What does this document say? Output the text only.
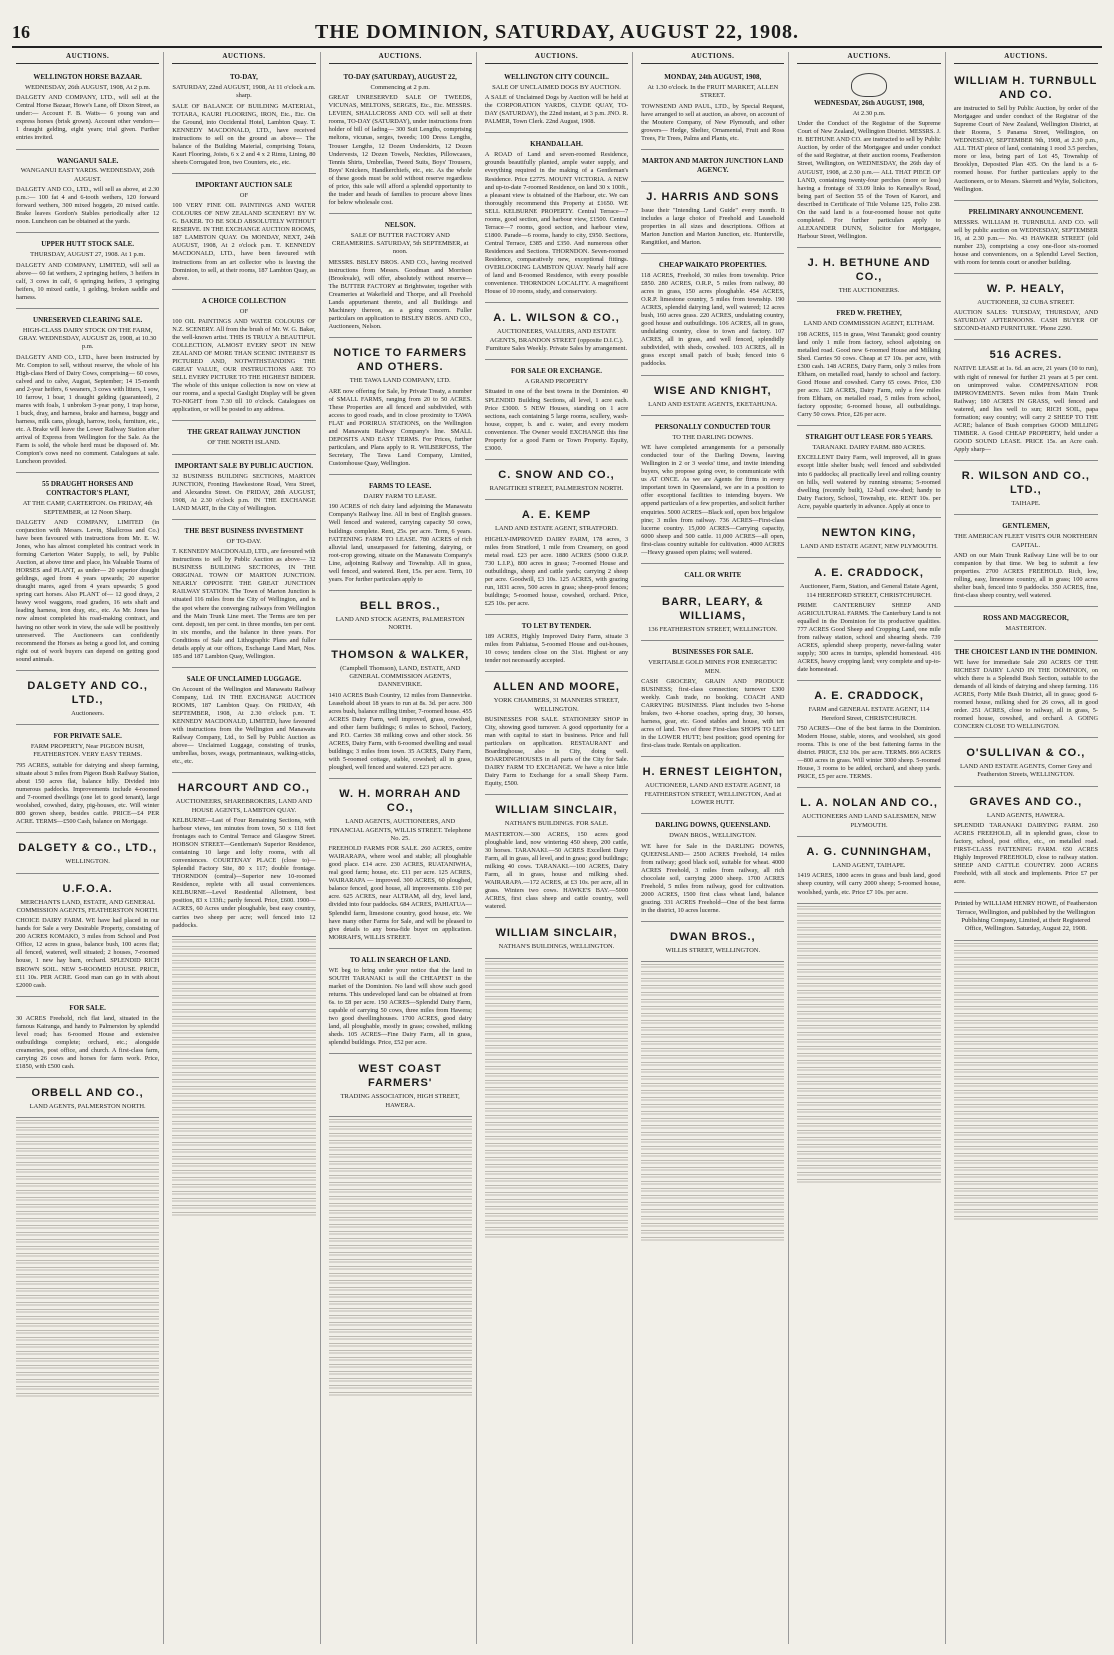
16	THE DOMINION, SATURDAY, AUGUST 22, 1908.
AUCTIONS.
WELLINGTON HORSE BAZAAR.
WEDNESDAY, 26th AUGUST, 1908, At 2 p.m.
DALGETY AND COMPANY, LTD., will sell at the Central Horse Bazaar, Howe's Lane, off Dixon Street, as under:— Account F. B. Watts— 6 young van and express horses (brisk grown). Account other vendors— 1 draught gelding, eight years; trial given. Further entries invited.
WANGANUI SALE.
WANGANUI EAST YARDS. WEDNESDAY, 26th AUGUST.
DALGETY AND CO., LTD., will sell as above, at 2.30 p.m.:— 100 fat 4 and 6-tooth wethers, 120 forward forward wethers, 300 mixed hoggets, 20 mixed cattle. Brake leaves Gordon's Stables periodically after 12 noon. Luncheon can be obtained at the yards.
UPPER HUTT STOCK SALE.
THURSDAY, AUGUST 27, 1908. At 1 p.m.
DALGETY AND COMPANY, LIMITED, will sell as above— 60 fat wethers, 2 springing heifers, 3 heifers in calf, 3 cows in calf, 6 springing heifers, 3 springing heifers, 10 mixed cattle, 1 gelding, broken saddle and harness.
UNRESERVED CLEARING SALE.
HIGH-CLASS DAIRY STOCK ON THE FARM, GRAY. WEDNESDAY, AUGUST 26, 1908, at 10.30 p.m.
DALGETY AND CO., LTD., have been instructed by Mr. Compton to sell, without reserve, the whole of his High-class Herd of Dairy Cows, comprising— 60 cows, calved and to calve, August, September; 14 15-month and 2-year heifers, 6 weaners, 3 cows with litters, 1 sow, 10 farrow, 1 boar, 1 draught gelding (guaranteed), 2 mares with foals, 1 unbroken 3-year pony, 1 trap horse, 1 buck, dray, and harness, brake and harness, buggy and harness, milk cans, plough, harrow, tools, furniture, etc., etc. A Brake will leave the Lower Railway Station after arrival of Express from Wellington for the Sale. As the Farm is sold, the whole herd must be disposed of. Mr. Compton's cows need no comment. Catalogues at sale. Luncheon provided.
55 DRAUGHT HORSES AND CONTRACTOR'S PLANT,
AT THE CAMP, CARTERTON. On FRIDAY, 4th SEPTEMBER, at 12 Noon Sharp.
DALGETY AND COMPANY, LIMITED (in conjunction with Messrs. Levin, Shallcross and Co.) have been favoured with instructions from Mr. E. W. Jones, who has almost completed his contract work in forming Carterton Water Supply, to sell, by Public Auction, at above time and place, his Valuable Teams of HORSES and PLANT, as under— 20 superior draught geldings, aged from 4 years upwards; 20 superior draught mares, aged from 4 years upwards; 5 good spring cart horses. Also PLANT of— 12 good drays, 2 heavy wool waggons, road graders, 16 sets shaft and leading harness, iron dray, etc., etc. As Mr. Jones has now almost completed his road-making contract, and having no other work in view, the sale will be positively unreserved. The Auctioneers can confidently recommend the Horses as being a good lot, and coming right out of work buyers can depend on getting good sound animals.
DALGETY AND CO., LTD.,
Auctioneers.
FOR PRIVATE SALE.
FARM PROPERTY, Near PIGEON BUSH, FEATHERSTON. VERY EASY TERMS.
795 ACRES, suitable for dairying and sheep farming, situate about 3 miles from Pigeon Bush Railway Station, about 150 acres flat, balance hilly. Divided into numerous paddocks. Improvements include 4-roomed and 7-roomed dwellings (one let to good tenant), large woolshed, cowshed, dairy, pig-houses, etc. Will winter 800 grown sheep, besides cattle. PRICE—£4 PER ACRE. TERMS—£500 Cash, balance on Mortgage.
DALGETY & CO., LTD.,
WELLINGTON.
U.F.O.A.
MERCHANTS LAND, ESTATE, AND GENERAL COMMISSION AGENTS, FEATHERSTON NORTH.
CHOICE DAIRY FARM. WE have had placed in our hands for Sale a very Desirable Property, consisting of 200 ACRES KOMAKO, 3 miles from School and Post Office, 12 acres in grass, balance bush, 100 acres flat; all fenced, watered, well situated; 2 houses, 7-roomed house, 1 new hay barn, orchard. SPLENDID RICH BROWN SOIL. NEW 5-ROOMED HOUSE. PRICE, £11 10s. PER ACRE. Good man can go in with about £2000 cash.
FOR SALE.
30 ACRES Freehold, rich flat land, situated in the famous Kairanga, and handy to Palmerston by splendid level road; has 6-roomed House and extensive outbuildings complete; orchard, etc.; alongside creameries, post office, and church. A first-class farm, carrying 26 cows and horses for farm work. Price, £1850, with £500 cash.
ORBELL AND CO.,
LAND AGENTS, PALMERSTON NORTH.
AUCTIONS.
TO-DAY,
SATURDAY, 22nd AUGUST, 1908, At 11 o'clock a.m. sharp.
SALE OF BALANCE OF BUILDING MATERIAL, TOTARA, KAURI FLOORING, IRON, Etc., Etc. On the Ground, into Occidental Hotel, Lambton Quay. T. KENNEDY MACDONALD, LTD., have received instructions to sell on the ground as above— The balance of the Building Material, comprising Totara, Kauri Flooring, Joists, 6 x 2 and 4 x 2 Rimu, Lining, 80 sheets Corrugated Iron, two Counters, etc., etc.
IMPORTANT AUCTION SALE
OF
100 VERY FINE OIL PAINTINGS AND WATER COLOURS OF NEW ZEALAND SCENERY! BY W. G. BAKER. TO BE SOLD ABSOLUTELY WITHOUT RESERVE. IN THE EXCHANGE AUCTION ROOMS, 187 LAMBTON QUAY. On MONDAY, NEXT, 24th AUGUST, 1908, At 2 o'clock p.m. T. KENNEDY MACDONALD, LTD., have been favoured with instructions from an art collector who is leaving the Dominion, to sell, at their rooms, 187 Lambton Quay, as above.
A CHOICE COLLECTION
OF
100 OIL PAINTINGS AND WATER COLOURS OF N.Z. SCENERY. All from the brush of Mr. W. G. Baker, the well-known artist. THIS IS TRULY A BEAUTIFUL COLLECTION, ALMOST EVERY SPOT IN NEW ZEALAND OF MORE THAN SCENIC INTEREST IS PICTURED AND, NOTWITHSTANDING THE GREAT VALUE, OUR INSTRUCTIONS ARE TO SELL EVERY PICTURE TO THE HIGHEST BIDDER. The whole of this unique collection is now on view at our rooms, and a special Gaslight Display will be given TO-NIGHT from 7.30 till 10 o'clock. Catalogues on application, or will be posted to any address.
THE GREAT RAILWAY JUNCTION
OF THE NORTH ISLAND.
IMPORTANT SALE BY PUBLIC AUCTION.
32 BUSINESS BUILDING SECTIONS, MARTON JUNCTION, Fronting Hawkestone Road, Vera Street, and Alexandra Street. On FRIDAY, 28th AUGUST, 1908, At 2.30 o'clock p.m. IN THE EXCHANGE LAND MART, In the City of Wellington.
THE BEST BUSINESS INVESTMENT
OF TO-DAY.
T. KENNEDY MACDONALD, LTD., are favoured with instructions to sell by Public Auction as above— 32 BUSINESS BUILDING SECTIONS, IN THE ORIGINAL TOWN OF MARTON JUNCTION. NEARLY OPPOSITE THE GREAT JUNCTION RAILWAY STATION. The Town of Marton Junction is situated 116 miles from the City of Wellington, and is the spot where the converging railways from Wellington and the Main Trunk Line meet. The Terms are ten per cent. deposit, ten per cent. in three months, ten per cent. in six months, and the balance in three years. For Conditions of Sale and Lithographic Plans and fuller details apply at our offices, Exchange Land Mart, Nos. 185 and 187 Lambton Quay, Wellington.
SALE OF UNCLAIMED LUGGAGE.
On Account of the Wellington and Manawatu Railway Company, Ltd. IN THE EXCHANGE AUCTION ROOMS, 187 Lambton Quay. On FRIDAY, 4th SEPTEMBER, 1908, At 2.30 o'clock p.m. T. KENNEDY MACDONALD, LIMITED, have favoured with instructions from the Wellington and Manawatu Railway Company, Ltd., to Sell by Public Auction as above— Unclaimed Luggage, consisting of trunks, umbrellas, boxes, swags, portmanteaux, walking-sticks, etc., etc.
HARCOURT AND CO.,
AUCTIONEERS, SHAREBROKERS, LAND AND HOUSE AGENTS, LAMBTON QUAY.
KELBURNE—Last of Four Remaining Sections, with harbour views, ten minutes from town, 50 x 118 feet frontages each to Central Terrace and Glasgow Street. HOBSON STREET—Gentleman's Superior Residence, containing 10 large and lofty rooms, with all conveniences. COURTENAY PLACE (close to)—Splendid Factory Site, 80 x 117; double frontage. THORNDON (central)—Superior new 10-roomed Residence, replete with all usual conveniences. KELBURNE—Level Residential Allotment, best position, 83 x 133ft.; partly fenced. Price, £600. 1900—ACRES, 60 Acres under ploughable, best easy country, carries two sheep per acre; well fenced into 12 paddocks.
AUCTIONS.
TO-DAY (SATURDAY), AUGUST 22,
Commencing at 2 p.m.
GREAT UNRESERVED SALE OF TWEEDS, VICUNAS, MELTONS, SERGES, Etc., Etc. MESSRS. LEVIEN, SHALLCROSS AND CO. will sell at their rooms, TO-DAY (SATURDAY), under instructions from holder of bill of lading— 300 Suit Lengths, comprising meltons, vicunas, serges, tweeds; 100 Dress Lengths, Trouser Lengths, 12 Dozen Underskirts, 12 Dozen Undervests, 12 Dozen Towels, Neckties, Pillowcases, Tennis Shirts, Umbrellas, Tweed Suits, Boys' Trousers, Boys' Knickers, Handkerchiefs, etc., etc. As the whole of these goods must be sold without reserve regardless of price, this sale will afford a splendid opportunity to the trader and heads of families to procure above lines for below wholesale cost.
NELSON.
SALE OF BUTTER FACTORY AND CREAMERIES. SATURDAY, 5th SEPTEMBER, at noon.
MESSRS. BISLEY BROS. AND CO., having received instructions from Messrs. Goodman and Morrison (Brookvale), will offer, absolutely without reserve— The BUTTER FACTORY at Brightwater, together with Creameries at Wakefield and Thorpe, and all Freehold Lands appurtenant thereto, and all Buildings and Machinery thereon, as a going concern. Fuller particulars on application to BISLEY BROS. AND CO., Auctioneers, Nelson.
NOTICE TO FARMERS AND OTHERS.
THE TAWA LAND COMPANY, LTD.
ARE now offering for Sale, by Private Treaty, a number of SMALL FARMS, ranging from 20 to 50 ACRES. These Properties are all fenced and subdivided, with access to good roads, and in close proximity to TAWA FLAT and PORIRUA STATIONS, on the Wellington and Manawatu Railway Company's line. SMALL DEPOSITS AND EASY TERMS. For Prices, further particulars, and Plans apply to R. WILBERFOSS, The Secretary, The Tawa Land Company, Limited, Customhouse Quay, Wellington.
FARMS TO LEASE.
DAIRY FARM TO LEASE.
190 ACRES of rich dairy land adjoining the Manawatu Company's Railway line. All in best of English grasses. Well fenced and watered, carrying capacity 50 cows, buildings complete. Rent, 25s. per acre. Term, 6 years. FATTENING FARM TO LEASE. 780 ACRES of rich alluvial land, unsurpassed for fattening, dairying, or root-crop growing, situate on the Manawatu Company's Line, adjoining Railway and Township. All in grass, well fenced, and watered. Rent, 15s. per acre. Term, 10 years. For further particulars apply to
BELL BROS.,
LAND AND STOCK AGENTS, PALMERSTON NORTH.
THOMSON & WALKER,
(Campbell Thomson), LAND, ESTATE, AND GENERAL COMMISSION AGENTS, DANNEVIRKE.
1410 ACRES Bush Country, 12 miles from Dannevirke. Leasehold about 18 years to run at 8s. 3d. per acre. 300 acres bush, balance milling timber, 7-roomed house. 455 ACRES Dairy Farm, well improved, grass, cowshed, and other farm buildings; 6 miles to School, Factory, and P.O. Carries 38 milking cows and other stock. 56 ACRES, Dairy Farm, with 6-roomed dwelling and usual buildings; 3 miles from town. 35 ACRES, Dairy Farm, with 5-roomed cottage, stable, cowshed; all in grass, ploughed, well fenced and watered. £23 per acre.
W. H. MORRAH AND CO.,
LAND AGENTS, AUCTIONEERS, AND FINANCIAL AGENTS, WILLIS STREET. Telephone No. 25.
FREEHOLD FARMS FOR SALE. 260 ACRES, centre WAIRARAPA, where wool and stable; all ploughable good place. £14 acre. 230 ACRES, RUATANIWHA, real good farm; house, etc. £11 per acre. 125 ACRES, WAIRARAPA — improved. 300 ACRES, 60 ploughed, balance fenced, good house, all improvements. £10 per acre. 625 ACRES, near ALTRAM, all dry, level land, divided into four paddocks. 684 ACRES, PAHIATUA—Splendid farm, limestone country, good house, etc. We have many other Farms for Sale, and will be pleased to give details to any bona-fide buyer on application. MORRAH'S, WILLIS STREET.
TO ALL IN SEARCH OF LAND.
WE beg to bring under your notice that the land in SOUTH TARANAKI is still the CHEAPEST in the market of the Dominion. No land will show such good returns. This undeveloped land can be obtained at from 6s. to £8 per acre. 150 ACRES—Splendid Dairy Farm, capable of carrying 50 cows, three miles from Hawera; two good dwellinghouses. 1700 ACRES, good dairy land, all ploughable, mostly in grass; cowshed, milking sheds. 105 ACRES—Fine Dairy Farm, all in grass, splendid buildings. Price, £52 per acre.
WEST COAST FARMERS'
TRADING ASSOCIATION, HIGH STREET, HAWERA.
AUCTIONS.
WELLINGTON CITY COUNCIL.
SALE OF UNCLAIMED DOGS BY AUCTION.
A SALE of Unclaimed Dogs by Auction will be held at the CORPORATION YARDS, CLYDE QUAY, TO-DAY (SATURDAY), the 22nd instant, at 3 p.m. JNO. R. PALMER, Town Clerk. 22nd August, 1908.
KHANDALLAH.
A ROAD of Land and seven-roomed Residence, grounds beautifully planted, ample water supply, and everything required in the making of a Gentleman's Residence. Price £2775. MOUNT VICTORIA. A NEW and up-to-date 7-roomed Residence, on land 30 x 100ft., a pleasant view is obtained of the Harbour, etc. We can thoroughly recommend this Property at £1650. WE SELL KELBURNE PROPERTY. Central Terrace—7 rooms, good section, and harbour view, £1500. Central Terrace—7 rooms, good section, and harbour view, £1800. Parade—6 rooms, handy to city, £950. Sections, Central Terrace, £385 and £350. And numerous other Residences and Sections. THORNDON. Seven-roomed Residence, comparatively new, exceptional fittings. OVERLOOKING LAMBTON QUAY. Nearly half acre of land and 8-roomed Residence, with every possible convenience. THORNDON LOCALITY. A magnificent House of 10 rooms, study, and conservatory.
A. L. WILSON & CO.,
AUCTIONEERS, VALUERS, AND ESTATE AGENTS, BRANDON STREET (opposite D.I.C.). Furniture Sales Weekly. Private Sales by arrangement.
FOR SALE OR EXCHANGE.
A GRAND PROPERTY
Situated in one of the best towns in the Dominion. 40 SPLENDID Building Sections, all level, 1 acre each. Price £3000. 5 NEW Houses, standing on 1 acre sections, each containing 5 large rooms, scullery, wash-house, copper, b. and c. water, and every modern convenience. The Owner would EXCHANGE this fine Property for a good Farm or Town Property. Equity, £3000.
C. SNOW AND CO.,
RANGITIKEI STREET, PALMERSTON NORTH.
A. E. KEMP
LAND AND ESTATE AGENT, STRATFORD.
HIGHLY-IMPROVED DAIRY FARM, 178 acres, 3 miles from Stratford, 1 mile from Creamery, on good metal road. £23 per acre. 1880 ACRES (5000 O.R.P. 730 L.I.P.), 800 acres in grass; 7-roomed House and outbuildings, sheep and cattle yards; carrying 2 sheep per acre. Goodwill, £3 10s. 125 ACRES, with grazing run, 1831 acres, 500 acres in grass; sheep-proof fences; buildings; 5-roomed house, cowshed, orchard. Price, £25 10s. per acre.
TO LET BY TENDER.
189 ACRES, Highly Improved Dairy Farm, situate 3 miles from Pahiatua, 5-roomed House and out-houses, 10 cows; tenders close on the 31st. Highest or any tender not necessarily accepted.
ALLEN AND MOORE,
YORK CHAMBERS, 31 MANNERS STREET, WELLINGTON.
BUSINESSES FOR SALE. STATIONERY SHOP in City, showing good turnover. A good opportunity for a man with capital to start in business. Price and full particulars on application. RESTAURANT and Boardinghouse, also in City, doing well. BOARDINGHOUSES in all parts of the City for Sale. DAIRY FARM TO EXCHANGE. We have a nice little Dairy Farm to Exchange for a small Sheep Farm. Equity, £500.
WILLIAM SINCLAIR,
NATHAN'S BUILDINGS. FOR SALE.
MASTERTON.—300 ACRES, 150 acres good ploughable land, now wintering 450 sheep, 200 cattle, 30 horses. TARANAKI.—50 ACRES Excellent Dairy Farm, all in grass, all level, and in grass; good buildings; milking 40 cows. TARANAKI.—100 ACRES, Dairy Farm, all in grass, house and milking shed. WAIRARAPA.—172 ACRES, at £3 10s. per acre, all in grass. Winters two cows. HAWKE'S BAY.—5000 ACRES, first class sheep and cattle country, well watered.
WILLIAM SINCLAIR,
NATHAN'S BUILDINGS, WELLINGTON.
AUCTIONS.
MONDAY, 24th AUGUST, 1908,
At 1.30 o'clock. In the FRUIT MARKET, ALLEN STREET.
TOWNSEND AND PAUL, LTD., by Special Request, have arranged to sell at auction, as above, on account of the Moutere Company, of New Plymouth, and other growers— Hedge, Shelter, Ornamental, Fruit and Ross Trees, Fir Trees, Palms and Plants, etc.
MARTON AND MARTON JUNCTION LAND AGENCY.
J. HARRIS AND SONS
Issue their "Intending Land Guide" every month. It includes a large choice of Freehold and Leasehold properties in all sizes and descriptions. Offices at Marton Junction and Marton Junction, etc. Hunterville, Rangitikei, and Marton.
CHEAP WAIKATO PROPERTIES.
118 ACRES, Freehold, 30 miles from township. Price £850. 280 ACRES, O.R.P., 5 miles from railway, 80 acres in grass, 150 acres ploughable. 454 ACRES, O.R.P. limestone country, 5 miles from township. 190 ACRES, splendid dairying land, well watered; 12 acres bush, 160 acres grass. 220 ACRES, undulating country, good house and outbuildings. 106 ACRES, all in grass, undulating country, close to town and factory. 107 ACRES, all in grass, and well fenced, splendidly subdivided, with sheds, cowshed. 103 ACRES, all in grass except small patch of bush; fenced into 6 paddocks.
WISE AND KNIGHT,
LAND AND ESTATE AGENTS, EKETAHUNA.
PERSONALLY CONDUCTED TOUR
TO THE DARLING DOWNS.
WE have completed arrangements for a personally conducted tour of the Darling Downs, leaving Wellington in 2 or 3 weeks' time, and invite intending buyers, who propose going over, to communicate with us AT ONCE. As we are Agents for firms in every important town in Queensland, we are in a position to offer exceptional facilities to intending buyers. We append particulars of a few properties, and solicit further enquiries. 5000 ACRES—Black soil, open box brigalow pine; 3 miles from railway. 736 ACRES—First-class lucerne country. 15,000 ACRES—Carrying capacity, 6000 sheep and 500 cattle. 11,000 ACRES—all open, first-class country suitable for cultivation. 4000 ACRES—Heavy grassed open plains; well watered.
CALL OR WRITE
BARR, LEARY, & WILLIAMS,
136 FEATHERSTON STREET, WELLINGTON.
BUSINESSES FOR SALE.
VERITABLE GOLD MINES FOR ENERGETIC MEN.
CASH GROCERY, GRAIN AND PRODUCE BUSINESS; first-class connection; turnover £300 weekly. Cash trade, no booking. COACH AND CARRYING BUSINESS. Plant includes two 5-horse brakes, two 4-horse coaches, spring dray, 30 horses, harness, gear, etc. Good stables and house, with ten acres of land. Two of three First-class SHOPS TO LET in the LOWER HUTT; best position; good opening for first-class trade. Rentals on application.
H. ERNEST LEIGHTON,
AUCTIONEER, LAND AND ESTATE AGENT, 18 FEATHERSTON STREET, WELLINGTON, And at LOWER HUTT.
DARLING DOWNS, QUEENSLAND.
DWAN BROS., WELLINGTON.
WE have for Sale in the DARLING DOWNS, QUEENSLAND— 2500 ACRES Freehold, 14 miles from railway; good black soil, suitable for wheat. 4000 ACRES Freehold, 3 miles from railway, all rich chocolate soil, carrying 2000 sheep. 1700 ACRES Freehold, 5 miles from railway, good for cultivation. 2000 ACRES, 1500 first class wheat land, balance grazing. 331 ACRES Freehold—One of the best farms in the district, 10 acres lucerne.
DWAN BROS.,
WILLIS STREET, WELLINGTON.
AUCTIONS.
WEDNESDAY, 26th AUGUST, 1908,
At 2.30 p.m.
Under the Conduct of the Registrar of the Supreme Court of New Zealand, Wellington District. MESSRS. J. H. BETHUNE AND CO. are instructed to sell by Public Auction, by order of the Mortgagee and under conduct of the said Registrar, at their auction rooms, Featherston Street, Wellington, on WEDNESDAY, the 26th day of AUGUST, 1908, at 2.30 p.m.— ALL THAT PIECE OF LAND, containing twenty-four perches (more or less) having a frontage of 33.09 links to Keneally's Road, being part of Section 55 of the Town of Karori, and described in Certificate of Title Volume 125, Folio 238. On the said land is a four-roomed house not quite completed. For further particulars apply to ALEXANDER DUNN, Solicitor for Mortgagee, Harbour Street, Wellington.
J. H. BETHUNE AND CO.,
THE AUCTIONEERS.
FRED W. FRETHEY,
LAND AND COMMISSION AGENT, ELTHAM.
198 ACRES, 115 in grass, West Taranaki; good country land only 1 mile from factory, school adjoining on metalled road. Good new 6-roomed House and Milking Shed. Carries 50 cows. Cheap at £7 10s. per acre, with £300 cash. 148 ACRES, Dairy Farm, only 3 miles from Eltham, on metalled road, handy to school and factory. Good House and cowshed. Carry 65 cows. Price, £30 per acre. 128 ACRES, Dairy Farm, only a few miles from Eltham, on metalled road, 5 miles from school, factory opposite; 6-roomed house, all outbuildings. Carry 50 cows. Price, £26 per acre.
STRAIGHT OUT LEASE FOR 5 YEARS.
TARANAKI. DAIRY FARM. 880 ACRES.
EXCELLENT Dairy Farm, well improved, all in grass except little shelter bush; well fenced and subdivided into 6 paddocks; all practically level and rolling country on hills, well watered by running streams; 5-roomed dwelling (recently built), 12-bail cow-shed; handy to Dairy Factory, School, Township, etc. RENT 10s. per Acre, payable quarterly in advance. Apply at once to
NEWTON KING,
LAND AND ESTATE AGENT, NEW PLYMOUTH.
A. E. CRADDOCK,
Auctioneer, Farm, Station, and General Estate Agent, 114 HEREFORD STREET, CHRISTCHURCH.
PRIME CANTERBURY SHEEP AND AGRICULTURAL FARMS. The Canterbury Land is not equalled in the Dominion for its productive qualities. 777 ACRES Good Sheep and Cropping Land, one mile from railway station, school and shearing sheds. 739 ACRES, splendid sheep property, never-failing water supply; 300 acres in turnips, splendid homestead. 416 ACRES, heavy cropping land; very complete and up-to-date homestead.
A. E. CRADDOCK,
FARM and GENERAL ESTATE AGENT, 114 Hereford Street, CHRISTCHURCH.
750 ACRES—One of the best farms in the Dominion. Modern House, stable, stores, and woolshed, six good rooms. This is one of the best fattening farms in the district. PRICE, £32 10s. per acre. TERMS. 866 ACRES—800 acres in grass. Will winter 3000 sheep. 5-roomed House, 3 rooms to be added, orchard, and sheep yards. PRICE, £5 per acre. TERMS.
L. A. NOLAN AND CO.,
AUCTIONEERS AND LAND SALESMEN, NEW PLYMOUTH.
A. G. CUNNINGHAM,
LAND AGENT, TAIHAPE.
1419 ACRES, 1800 acres in grass and bush land, good sheep country, will carry 2000 sheep; 5-roomed house, woolshed, yards, etc. Price £7 10s. per acre.
AUCTIONS.
WILLIAM H. TURNBULL AND CO.
are instructed to Sell by Public Auction, by order of the Mortgagee and under conduct of the Registrar of the Supreme Court of New Zealand, Wellington District, at their Rooms, 5 Panama Street, Wellington, on WEDNESDAY, SEPTEMBER 9th, 1908, at 2.30 p.m., ALL THAT piece of land, containing 1 rood 3.5 perches, more or less, being part of Lot 45, Township of Brooklyn, Deposited Plan 435. On the land is a 6-roomed house. For further particulars apply to the Auctioneers, or to Messrs. Skerrett and Wylie, Solicitors, Wellington.
PRELIMINARY ANNOUNCEMENT.
MESSRS. WILLIAM H. TURNBULL AND CO. will sell by public auction on WEDNESDAY, SEPTEMBER 16, at 2.30 p.m.— No. 43 HAWKER STREET (old number 23), comprising a cosy one-floor six-roomed house and conveniences, on a Splendid Level Section, with room for tennis court or another building.
W. P. HEALY,
AUCTIONEER, 32 CUBA STREET.
AUCTION SALES: TUESDAY, THURSDAY, AND SATURDAY AFTERNOONS. CASH BUYER OF SECOND-HAND FURNITURE. 'Phone 2290.
516 ACRES.
NATIVE LEASE at 1s. 6d. an acre, 21 years (10 to run), with right of renewal for further 21 years at 5 per cent. on unimproved value. COMPENSATION FOR IMPROVEMENTS. Seven miles from Main Trunk Railway; 180 ACRES IN GRASS, well fenced and watered, and lies well to sun; RICH SOIL, papa formation; easy country; will carry 2 SHEEP TO THE ACRE; balance of Bush comprises GOOD MILLING TIMBER. A Good CHEAP PROPERTY, held under a GOOD SOUND LEASE. PRICE 15s. an Acre cash. Apply sharp—
R. WILSON AND CO., LTD.,
TAIHAPE.
GENTLEMEN,
THE AMERICAN FLEET VISITS OUR NORTHERN CAPITAL.
AND on our Main Trunk Railway Line will be to our companion by that time. We beg to submit a few properties. 2700 ACRES FREEHOLD. Rich, low, rolling, easy, limestone country, all in grass; 100 acres shelter bush, fenced into 9 paddocks. 350 ACRES, fine, first-class sheep country, well watered.
ROSS AND MACGRECOR,
MASTERTON.
THE CHOICEST LAND IN THE DOMINION.
WE have for immediate Sale 260 ACRES OF THE RICHEST DAIRY LAND IN THE DOMINION, on which there is a Splendid Bush Section, suitable to the demands of all kinds of dairying and sheep farming. 116 ACRES, Forty Mile Bush District, all in grass; good 6-roomed house, milking shed for 26 cows, all in good order. 251 ACRES, close to railway, all in grass, 5-roomed house, cowshed, and orchard. A GOING CONCERN CLOSE TO WELLINGTON.
O'SULLIVAN & CO.,
LAND AND ESTATE AGENTS, Corner Grey and Featherston Streets, WELLINGTON.
GRAVES AND CO.,
LAND AGENTS, HAWERA.
SPLENDID TARANAKI DAIRYING FARM. 260 ACRES FREEHOLD, all in splendid grass, close to factory, school, post office, etc., on metalled road. FIRST-CLASS FATTENING FARM. 650 ACRES Highly Improved FREEHOLD, close to railway station. SHEEP AND CATTLE COUNTRY. 2000 ACRES Freehold, with all stock and implements. Price £7 per acre.
Printed by WILLIAM HENRY HOWE, of Featherston Terrace, Wellington, and published by the Wellington Publishing Company, Limited, at their Registered Office, Wellington. Saturday, August 22, 1908.
